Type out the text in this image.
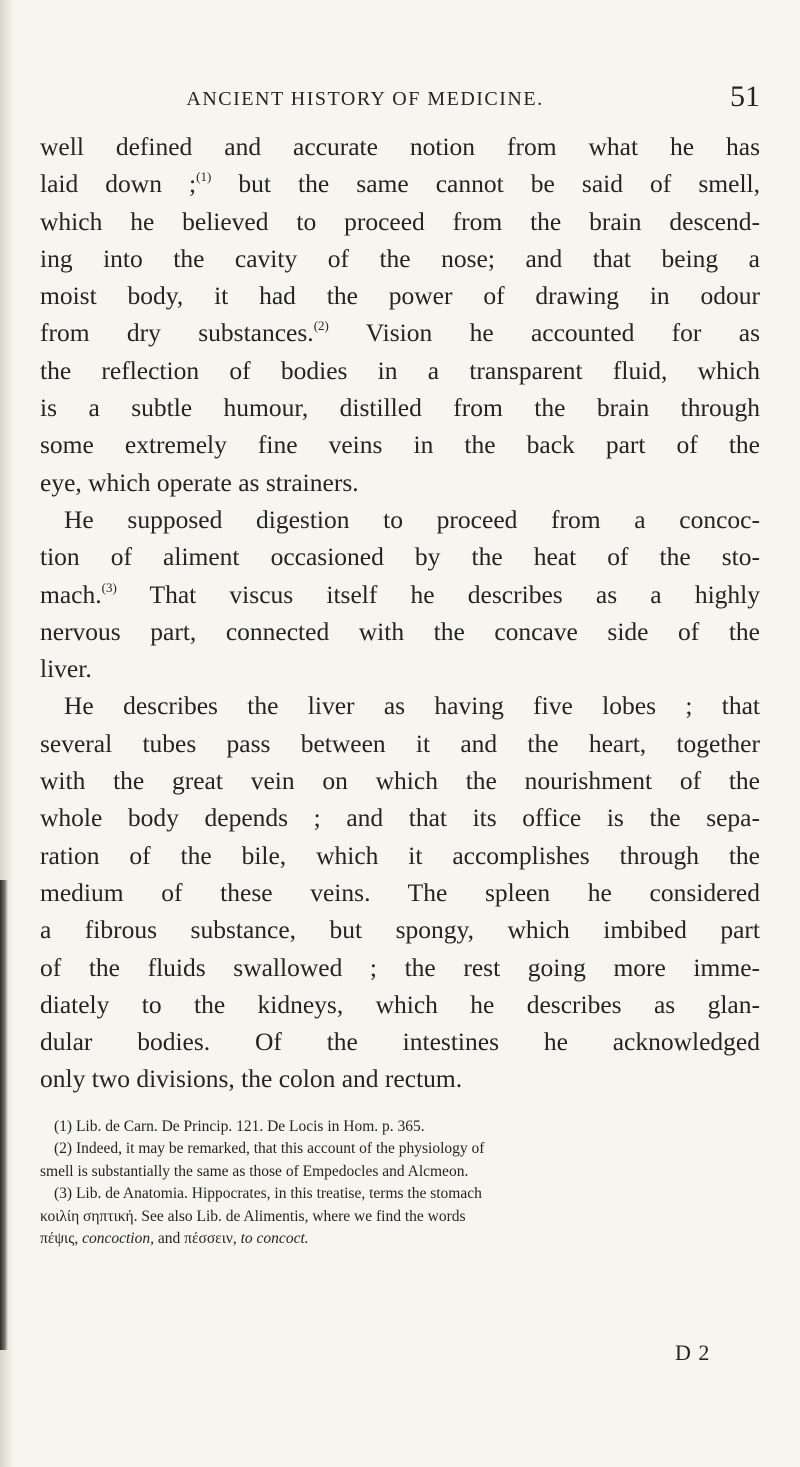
ANCIENT HISTORY OF MEDICINE.	51

well defined and accurate notion from what he has
laid down ;$^{(1)}$ but the same cannot be said of smell,
which he believed to proceed from the brain descend-
ing into the cavity of the nose; and that being a
moist body, it had the power of drawing in odour
from dry substances.$^{(2)}$ Vision he accounted for as
the reflection of bodies in a transparent fluid, which
is a subtle humour, distilled from the brain through
some extremely fine veins in the back part of the
eye, which operate as strainers.

He supposed digestion to proceed from a concoc-
tion of aliment occasioned by the heat of the sto-
mach.$^{(3)}$ That viscus itself he describes as a highly
nervous part, connected with the concave side of the
liver.

He describes the liver as having five lobes ; that
several tubes pass between it and the heart, together
with the great vein on which the nourishment of the
whole body depends ; and that its office is the sepa-
ration of the bile, which it accomplishes through the
medium of these veins. The spleen he considered
a fibrous substance, but spongy, which imbibed part
of the fluids swallowed ; the rest going more imme-
diately to the kidneys, which he describes as glan-
dular bodies. Of the intestines he acknowledged
only two divisions, the colon and rectum.

(1) Lib. de Carn. De Princip. 121. De Locis in Hom. p. 365.
(2) Indeed, it may be remarked, that this account of the physiology of
smell is substantially the same as those of Empedocles and Alcmeon.
(3) Lib. de Anatomia. Hippocrates, in this treatise, terms the stomach
κοιλίη σηπτική. See also Lib. de Alimentis, where we find the words
πέψις, concoction, and πέσσειν, to concoct.
D 2
